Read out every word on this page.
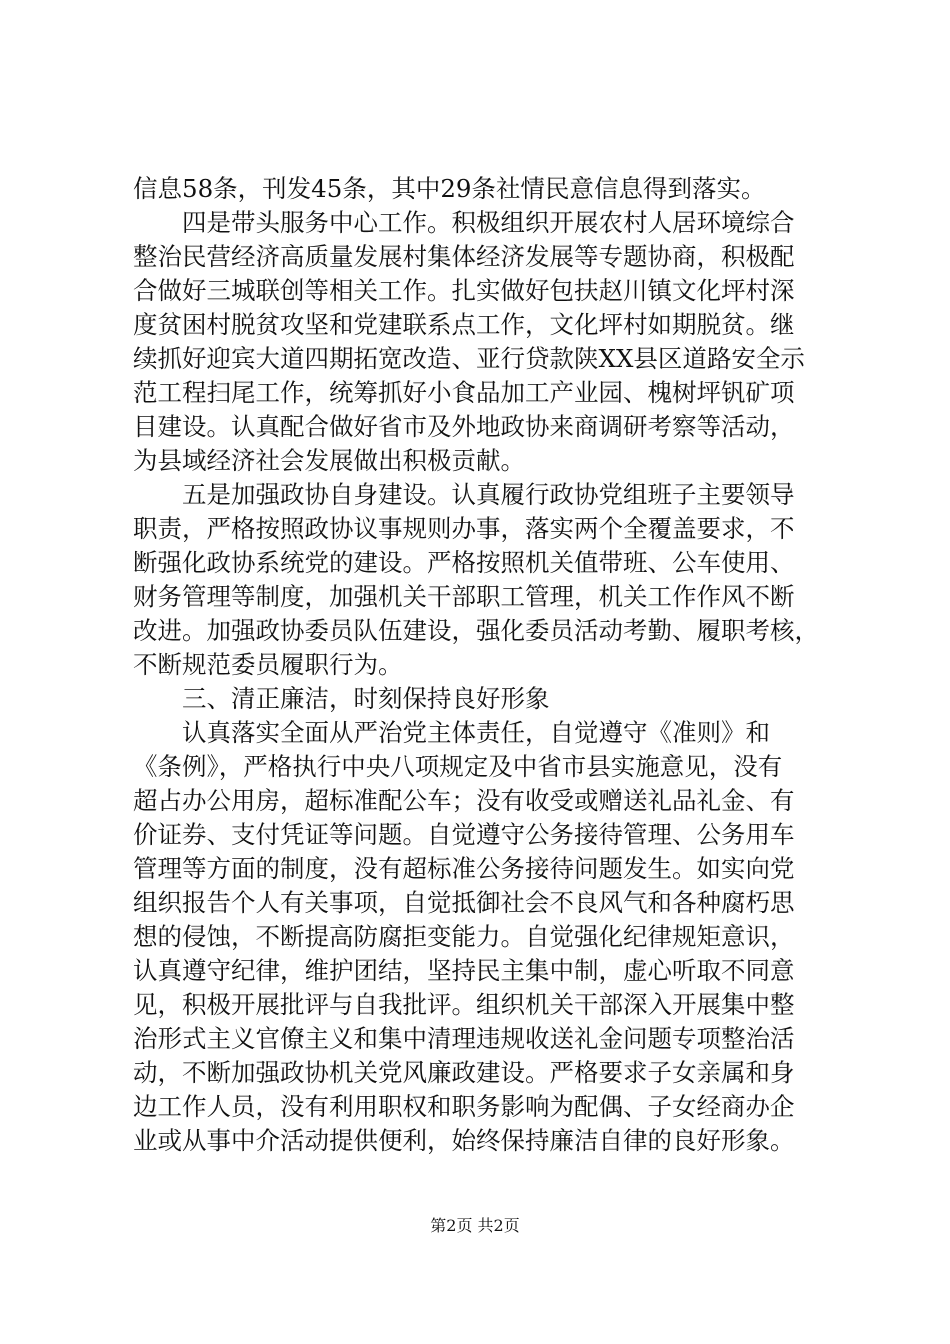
信息58条，刊发45条，其中29条社情民意信息得到落实。
　　四是带头服务中心工作。积极组织开展农村人居环境综合
整治民营经济高质量发展村集体经济发展等专题协商，积极配
合做好三城联创等相关工作。扎实做好包扶赵川镇文化坪村深
度贫困村脱贫攻坚和党建联系点工作，文化坪村如期脱贫。继
续抓好迎宾大道四期拓宽改造、亚行贷款陕XX县区道路安全示
范工程扫尾工作，统筹抓好小食品加工产业园、槐树坪钒矿项
目建设。认真配合做好省市及外地政协来商调研考察等活动，
为县域经济社会发展做出积极贡献。
　　五是加强政协自身建设。认真履行政协党组班子主要领导
职责，严格按照政协议事规则办事，落实两个全覆盖要求，不
断强化政协系统党的建设。严格按照机关值带班、公车使用、
财务管理等制度，加强机关干部职工管理，机关工作作风不断
改进。加强政协委员队伍建设，强化委员活动考勤、履职考核，
不断规范委员履职行为。
　　三、清正廉洁，时刻保持良好形象
　　认真落实全面从严治党主体责任，自觉遵守《准则》和
《条例》，严格执行中央八项规定及中省市县实施意见，没有
超占办公用房，超标准配公车；没有收受或赠送礼品礼金、有
价证券、支付凭证等问题。自觉遵守公务接待管理、公务用车
管理等方面的制度，没有超标准公务接待问题发生。如实向党
组织报告个人有关事项，自觉抵御社会不良风气和各种腐朽思
想的侵蚀，不断提高防腐拒变能力。自觉强化纪律规矩意识，
认真遵守纪律，维护团结，坚持民主集中制，虚心听取不同意
见，积极开展批评与自我批评。组织机关干部深入开展集中整
治形式主义官僚主义和集中清理违规收送礼金问题专项整治活
动，不断加强政协机关党风廉政建设。严格要求子女亲属和身
边工作人员，没有利用职权和职务影响为配偶、子女经商办企
业或从事中介活动提供便利，始终保持廉洁自律的良好形象。
第2页 共2页
